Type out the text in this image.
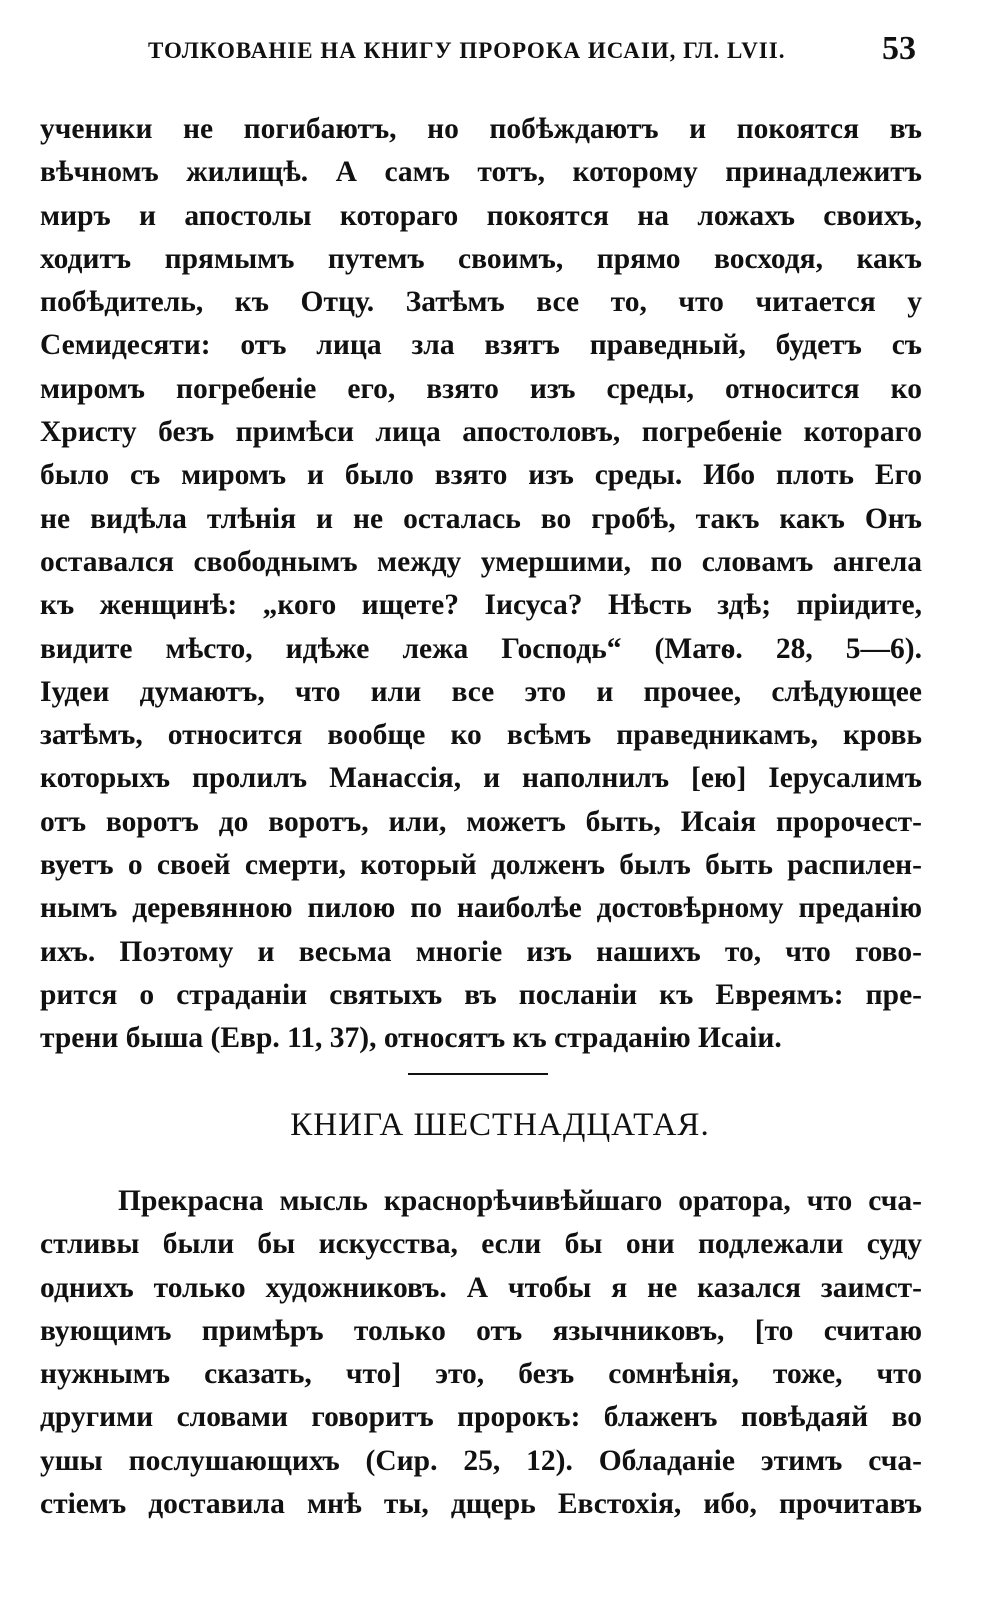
ТОЛКОВАНІЕ НА КНИГУ ПРОРОКА ИСАІИ, ГЛ. LVII.	53
ученики не погибаютъ, но побѣждаютъ и покоятся въ
вѣчномъ жилищѣ. А самъ тотъ, которому принадлежитъ
миръ и апостолы котораго покоятся на ложахъ своихъ,
ходитъ прямымъ путемъ своимъ, прямо восходя, какъ
побѣдитель, къ Отцу. Затѣмъ все то, что читается у
Семидесяти: отъ лица зла взятъ праведный, будетъ съ
миромъ погребеніе его, взято изъ среды, относится ко
Христу безъ примѣси лица апостоловъ, погребеніе котораго
было съ миромъ и было взято изъ среды. Ибо плоть Его
не видѣла тлѣнія и не осталась во гробѣ, такъ какъ Онъ
оставался свободнымъ между умершими, по словамъ ангела
къ женщинѣ: „кого ищете? Іисуса? Нѣсть здѣ; пріидите,
видите мѣсто, идѣже лежа Господь“ (Матѳ. 28, 5—6).
Іудеи думаютъ, что или все это и прочее, слѣдующее
затѣмъ, относится вообще ко всѣмъ праведникамъ, кровь
которыхъ пролилъ Манассія, и наполнилъ [ею] Іерусалимъ
отъ воротъ до воротъ, или, можетъ быть, Исаія пророчест-
вуетъ о своей смерти, который долженъ былъ быть распилен-
нымъ деревянною пилою по наиболѣе достовѣрному преданію
ихъ. Поэтому и весьма многіе изъ нашихъ то, что гово-
рится о страданіи святыхъ въ посланіи къ Евреямъ: пре-
трени быша (Евр. 11, 37), относятъ къ страданію Исаіи.
КНИГА ШЕСТНАДЦАТАЯ.
Прекрасна мысль краснорѣчивѣйшаго оратора, что сча-
стливы были бы искусства, если бы они подлежали суду
однихъ только художниковъ. А чтобы я не казался заимст-
вующимъ примѣръ только отъ язычниковъ, [то считаю
нужнымъ сказать, что] это, безъ сомнѣнія, тоже, что
другими словами говоритъ пророкъ: блаженъ повѣдаяй во
ушы послушающихъ (Сир. 25, 12). Обладаніе этимъ сча-
стіемъ доставила мнѣ ты, дщерь Евстохія, ибо, прочитавъ
